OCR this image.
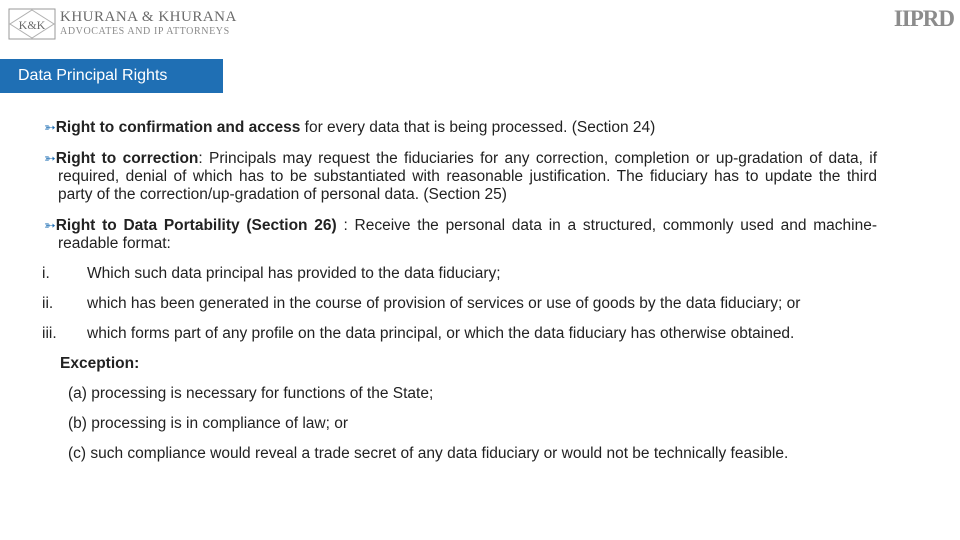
K&K KHURANA & KHURANA
ADVOCATES AND IP ATTORNEYS
IIPRD
Data Principal Rights
➳Right to confirmation and access for every data that is being processed. (Section 24)
➳Right to correction: Principals may request the fiduciaries for any correction, completion or up-gradation of data, if required, denial of which has to be substantiated with reasonable justification. The fiduciary has to update the third party of the correction/up-gradation of personal data. (Section 25)
➳Right to Data Portability (Section 26) : Receive the personal data in a structured, commonly used and machine-readable format:
i.	Which such data principal has provided to the data fiduciary;
ii.	which has been generated in the course of provision of services or use of goods by the data fiduciary; or
iii.	which forms part of any profile on the data principal, or which the data fiduciary has otherwise obtained.
Exception:
(a) processing is necessary for functions of the State;
(b) processing is in compliance of law; or
(c) such compliance would reveal a trade secret of any data fiduciary or would not be technically feasible.
